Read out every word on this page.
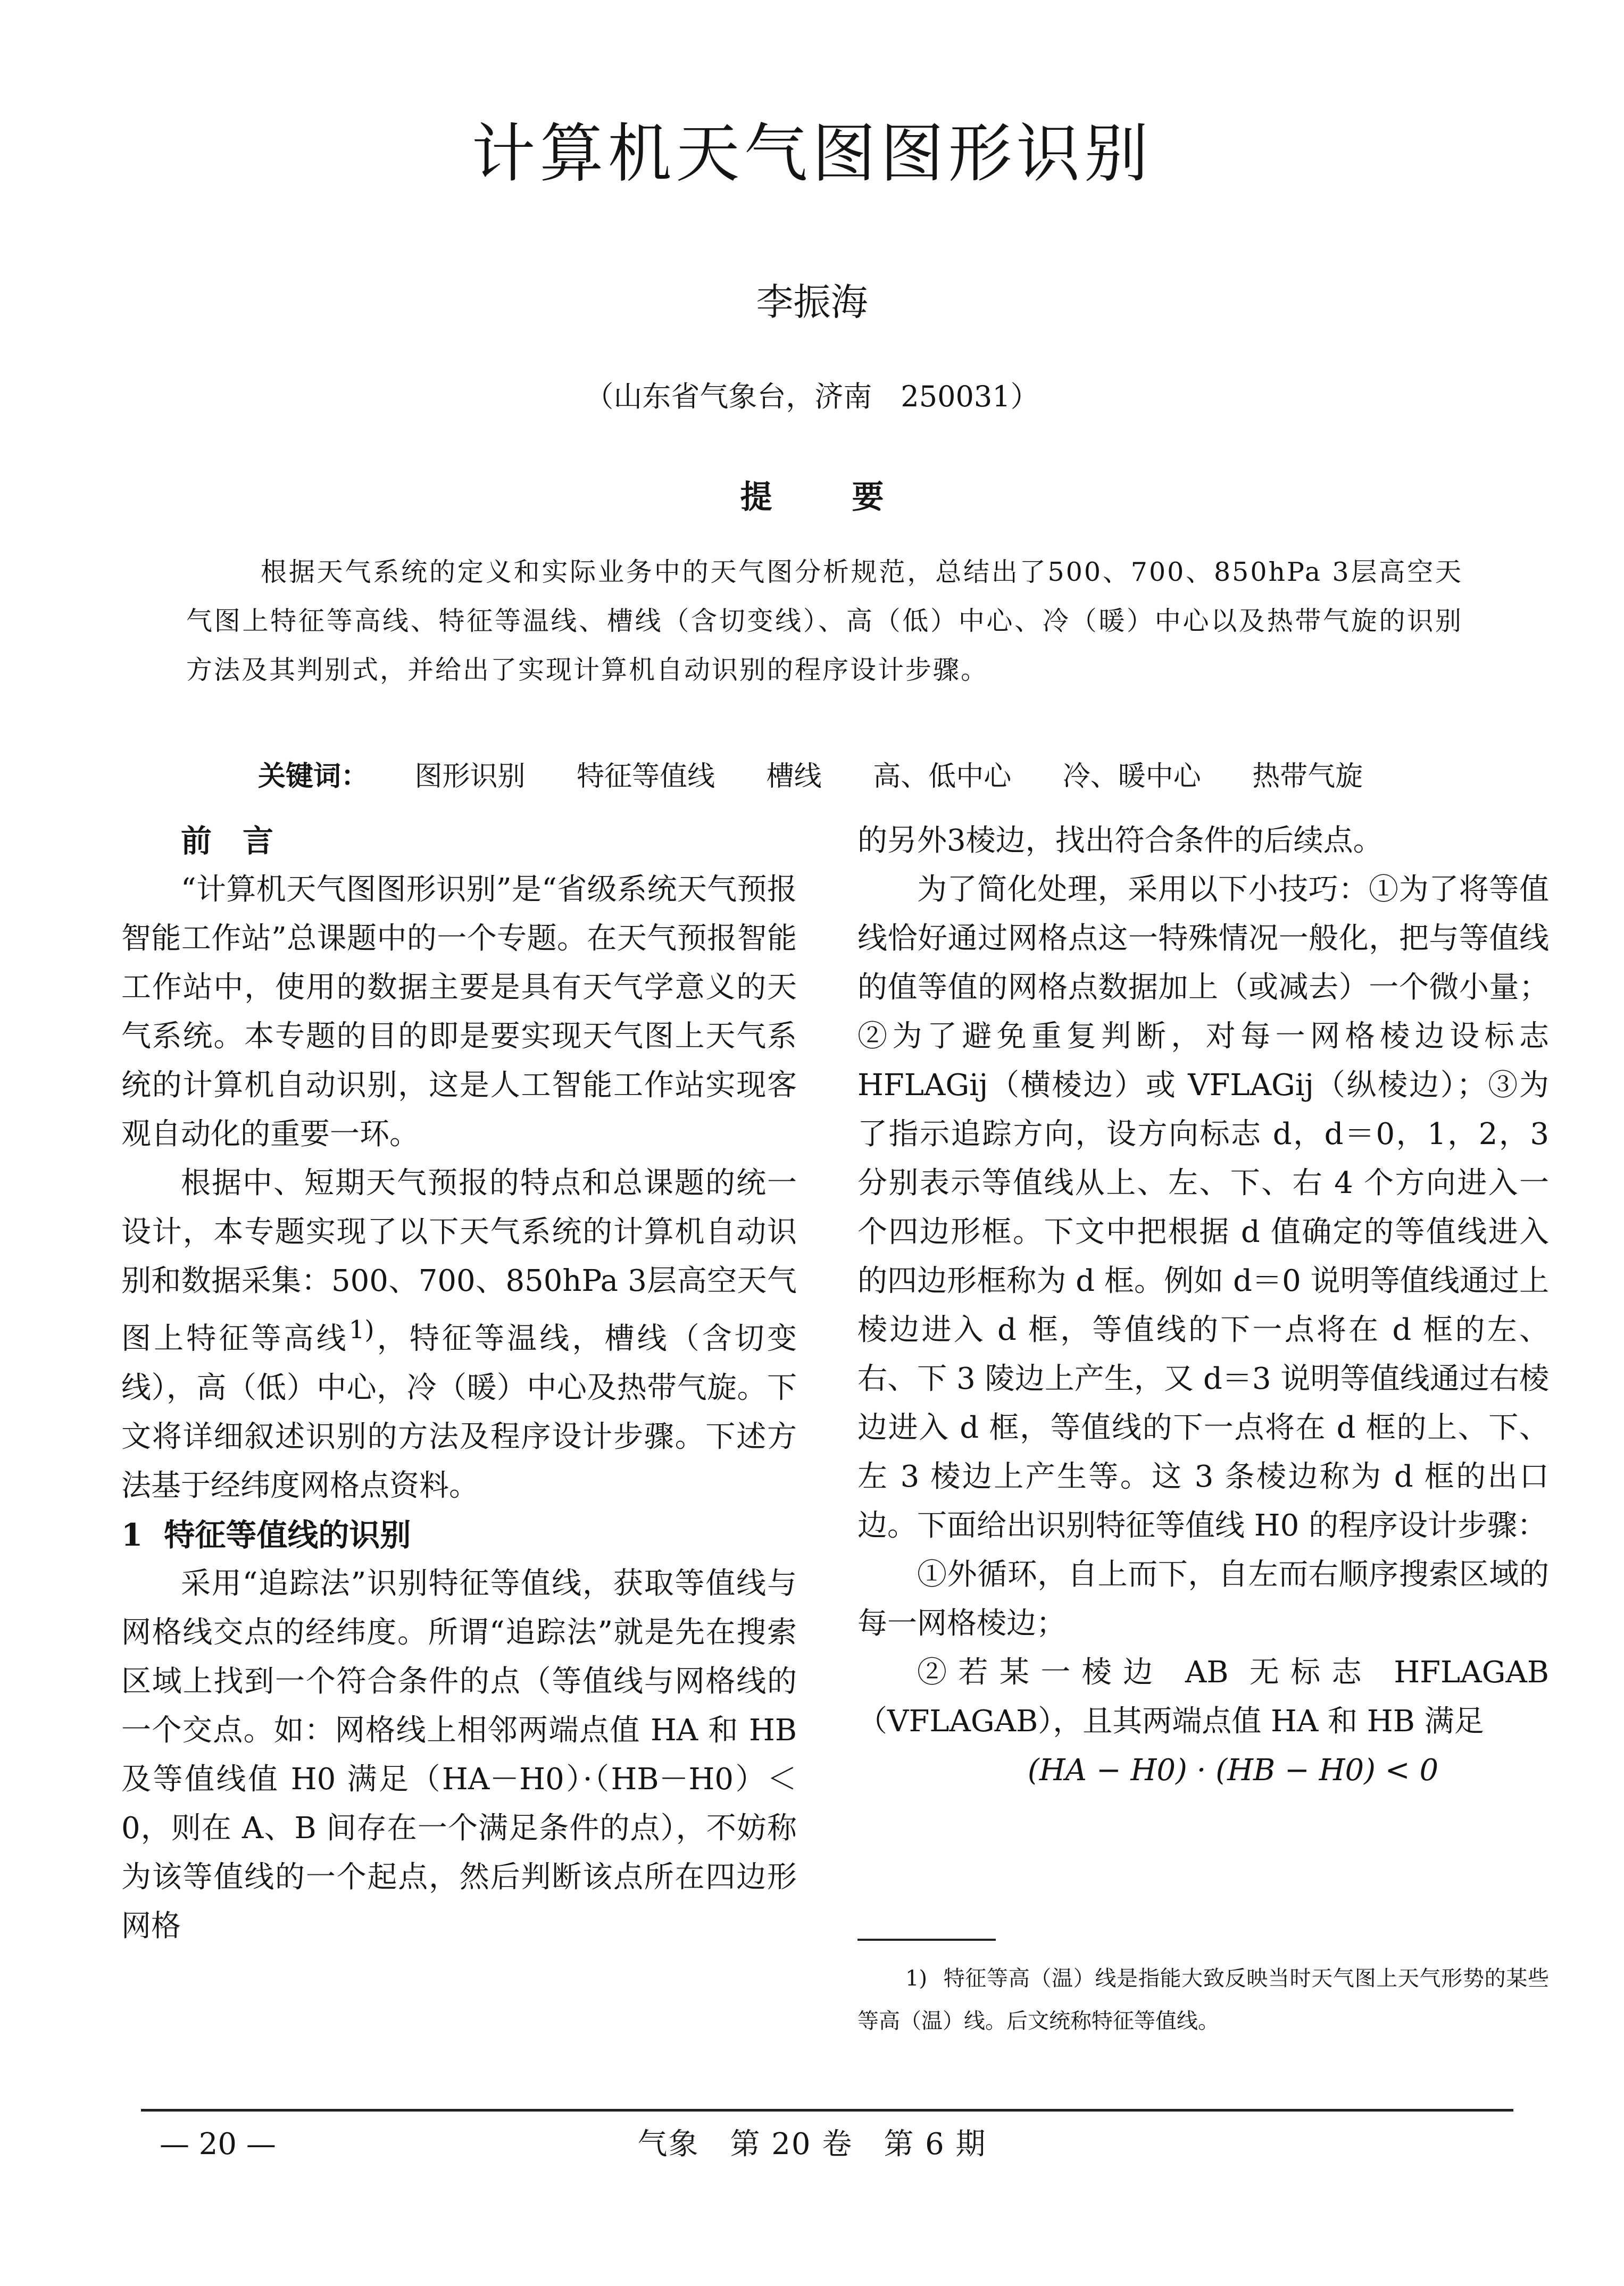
计算机天气图图形识别
李振海
（山东省气象台，济南　250031）
提要
根据天气系统的定义和实际业务中的天气图分析规范，总结出了500、700、850hPa 3层高空天气图上特征等高线、特征等温线、槽线（含切变线）、高（低）中心、冷（暖）中心以及热带气旋的识别方法及其判别式，并给出了实现计算机自动识别的程序设计步骤。
关键词： 图形识别 特征等值线 槽线 高、低中心 冷、暖中心 热带气旋

前　言

“计算机天气图图形识别”是“省级系统天气预报智能工作站”总课题中的一个专题。在天气预报智能工作站中，使用的数据主要是具有天气学意义的天气系统。本专题的目的即是要实现天气图上天气系统的计算机自动识别，这是人工智能工作站实现客观自动化的重要一环。

根据中、短期天气预报的特点和总课题的统一设计，本专题实现了以下天气系统的计算机自动识别和数据采集：500、700、850hPa 3层高空天气图上特征等高线$^{1)}$，特征等温线，槽线（含切变线），高（低）中心，冷（暖）中心及热带气旋。下文将详细叙述识别的方法及程序设计步骤。下述方法基于经纬度网格点资料。

1 特征等值线的识别

采用“追踪法”识别特征等值线，获取等值线与网格线交点的经纬度。所谓“追踪法”就是先在搜索区域上找到一个符合条件的点（等值线与网格线的一个交点。如：网格线上相邻两端点值 HA 和 HB 及等值线值 H0 满足（HA－H0）·（HB－H0）＜0，则在 A、B 间存在一个满足条件的点），不妨称为该等值线的一个起点，然后判断该点所在四边形网格

的另外3棱边，找出符合条件的后续点。

为了简化处理，采用以下小技巧：①为了将等值线恰好通过网格点这一特殊情况一般化，把与等值线的值等值的网格点数据加上（或减去）一个微小量；②为了避免重复判断，对每一网格棱边设标志 HFLAGij（横棱边）或 VFLAGij（纵棱边）；③为了指示追踪方向，设方向标志 d，d＝0，1，2，3 分别表示等值线从上、左、下、右 4 个方向进入一个四边形框。下文中把根据 d 值确定的等值线进入的四边形框称为 d 框。例如 d＝0 说明等值线通过上棱边进入 d 框，等值线的下一点将在 d 框的左、右、下 3 陵边上产生，又 d＝3 说明等值线通过右棱边进入 d 框，等值线的下一点将在 d 框的上、下、左 3 棱边上产生等。这 3 条棱边称为 d 框的出口边。下面给出识别特征等值线 H0 的程序设计步骤：

①外循环，自上而下，自左而右顺序搜索区域的每一网格棱边；

②若某一棱边 AB 无标志 HFLAGAB（VFLAGAB），且其两端点值 HA 和 HB 满足

(HA − H0) · (HB − H0) < 0

1) 特征等高（温）线是指能大致反映当时天气图上天气形势的某些等高（温）线。后文统称特征等值线。
— 20 —	气象　第 20 卷　第 6 期
